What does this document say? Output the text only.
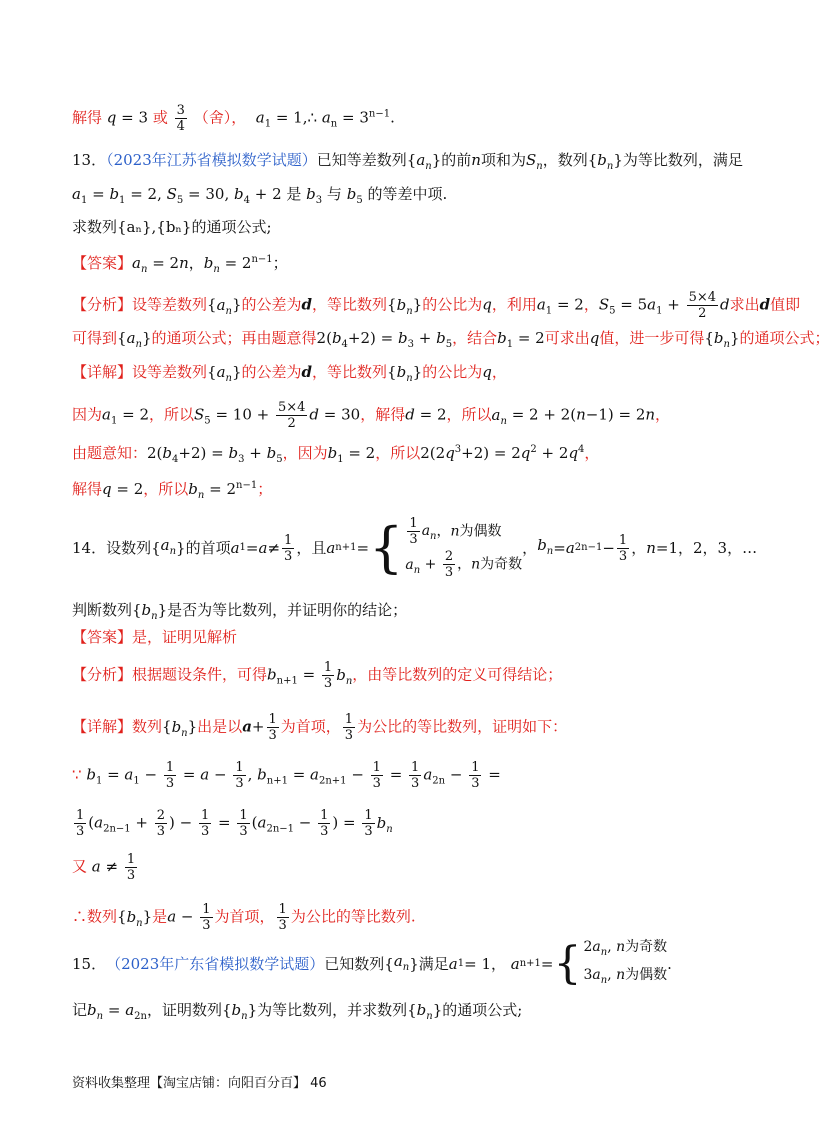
解得 q = 3 或 $\frac{3}{4}$ （舍）， $a_1$ = 1,∴ $a_n = 3^{n-1}$.
13．（2023年江苏省模拟数学试题）已知等差数列$\{a_n\}$的前n项和为$S_n$，数列$\{b_n\}$为等比数列，满足
$a_1 = b_1 = 2$, $S_5 = 30$, $b_4 + 2$ 是 $b_3$ 与 $b_5$ 的等差中项.
求数列{aₙ},{bₙ}的通项公式;
【答案】$a_n = 2n$，$b_n = 2^{n-1}$；
【分析】设等差数列$\{a_n\}$的公差为d，等比数列$\{b_n\}$的公比为q，利用$a_1 = 2$，$S_5 = 5a_1 + \frac{5\times 4}{2}$ d求出d值即
可得到$\{a_n\}$的通项公式；再由题意得$2(b_4+2) = b_3 + b_5$，结合$b_1 = 2$可求出q值，进一步可得$\{b_n\}$的通项公式；
【详解】设等差数列$\{a_n\}$的公差为d，等比数列$\{b_n\}$的公比为q，
因为$a_1 = 2$，所以$S_5 = 10 + \frac{5\times 4}{2}$ d = 30，解得d = 2，所以$a_n = 2 + 2(n-1) = 2n$，
由题意知：$2(b_4+2) = b_3 + b_5$，因为$b_1 = 2$，所以$2(2q^3+2) = 2q^2 + 2q^4$，
解得q = 2，所以$b_n = 2^{n-1}$；
14．设数列{ $a_n$ }的首项 a $1 = a \ne \frac{1}{3}$ ，且 a n+1 = { $\frac{1}{3} a_n$，n为偶数
$a_n + \frac{2}{3}$ ，n为奇数
， $b_n = a$ $2n-1 - \frac{1}{3}$ ， n =1，2，3，…
判断数列$\{b_n\}$是否为等比数列，并证明你的结论；
【答案】是，证明见解析
【分析】根据题设条件，可得$b_{n+1} = \frac{1}{3} b_n$，由等比数列的定义可得结论；
【详解】数列$\{b_n\}$出是以$a+ \frac{1}{3}$ 为首项， $\frac{1}{3}$ 为公比的等比数列，证明如下：
∵ $b_1 = a_1 - \frac{1}{3} = a - \frac{1}{3}$ , $b_{n+1} = a_{2n+1} - \frac{1}{3} = \frac{1}{3} a_{2n} - \frac{1}{3}$ =
$\frac{1}{3} (a_{2n-1} + \frac{2}{3}$ ) − $\frac{1}{3} = \frac{1}{3} (a_{2n-1} - \frac{1}{3}$ ) = $\frac{1}{3} b_n$
又 $a \ne \frac{1}{3}$
∴数列$\{b_n\}$是$a - \frac{1}{3}$ 为首项， $\frac{1}{3}$ 为公比的等比数列.
15． （2023年广东省模拟数学试题） 已知数列{ $a_n$ }满足 a 1 = 1， a n+1 = { $2a_n$, n为奇数
$3a_n$, n为偶数
.
记$b_n = a_{2n}$，证明数列$\{b_n\}$为等比数列，并求数列$\{b_n\}$的通项公式;
资料收集整理【淘宝店铺：向阳百分百】 46
